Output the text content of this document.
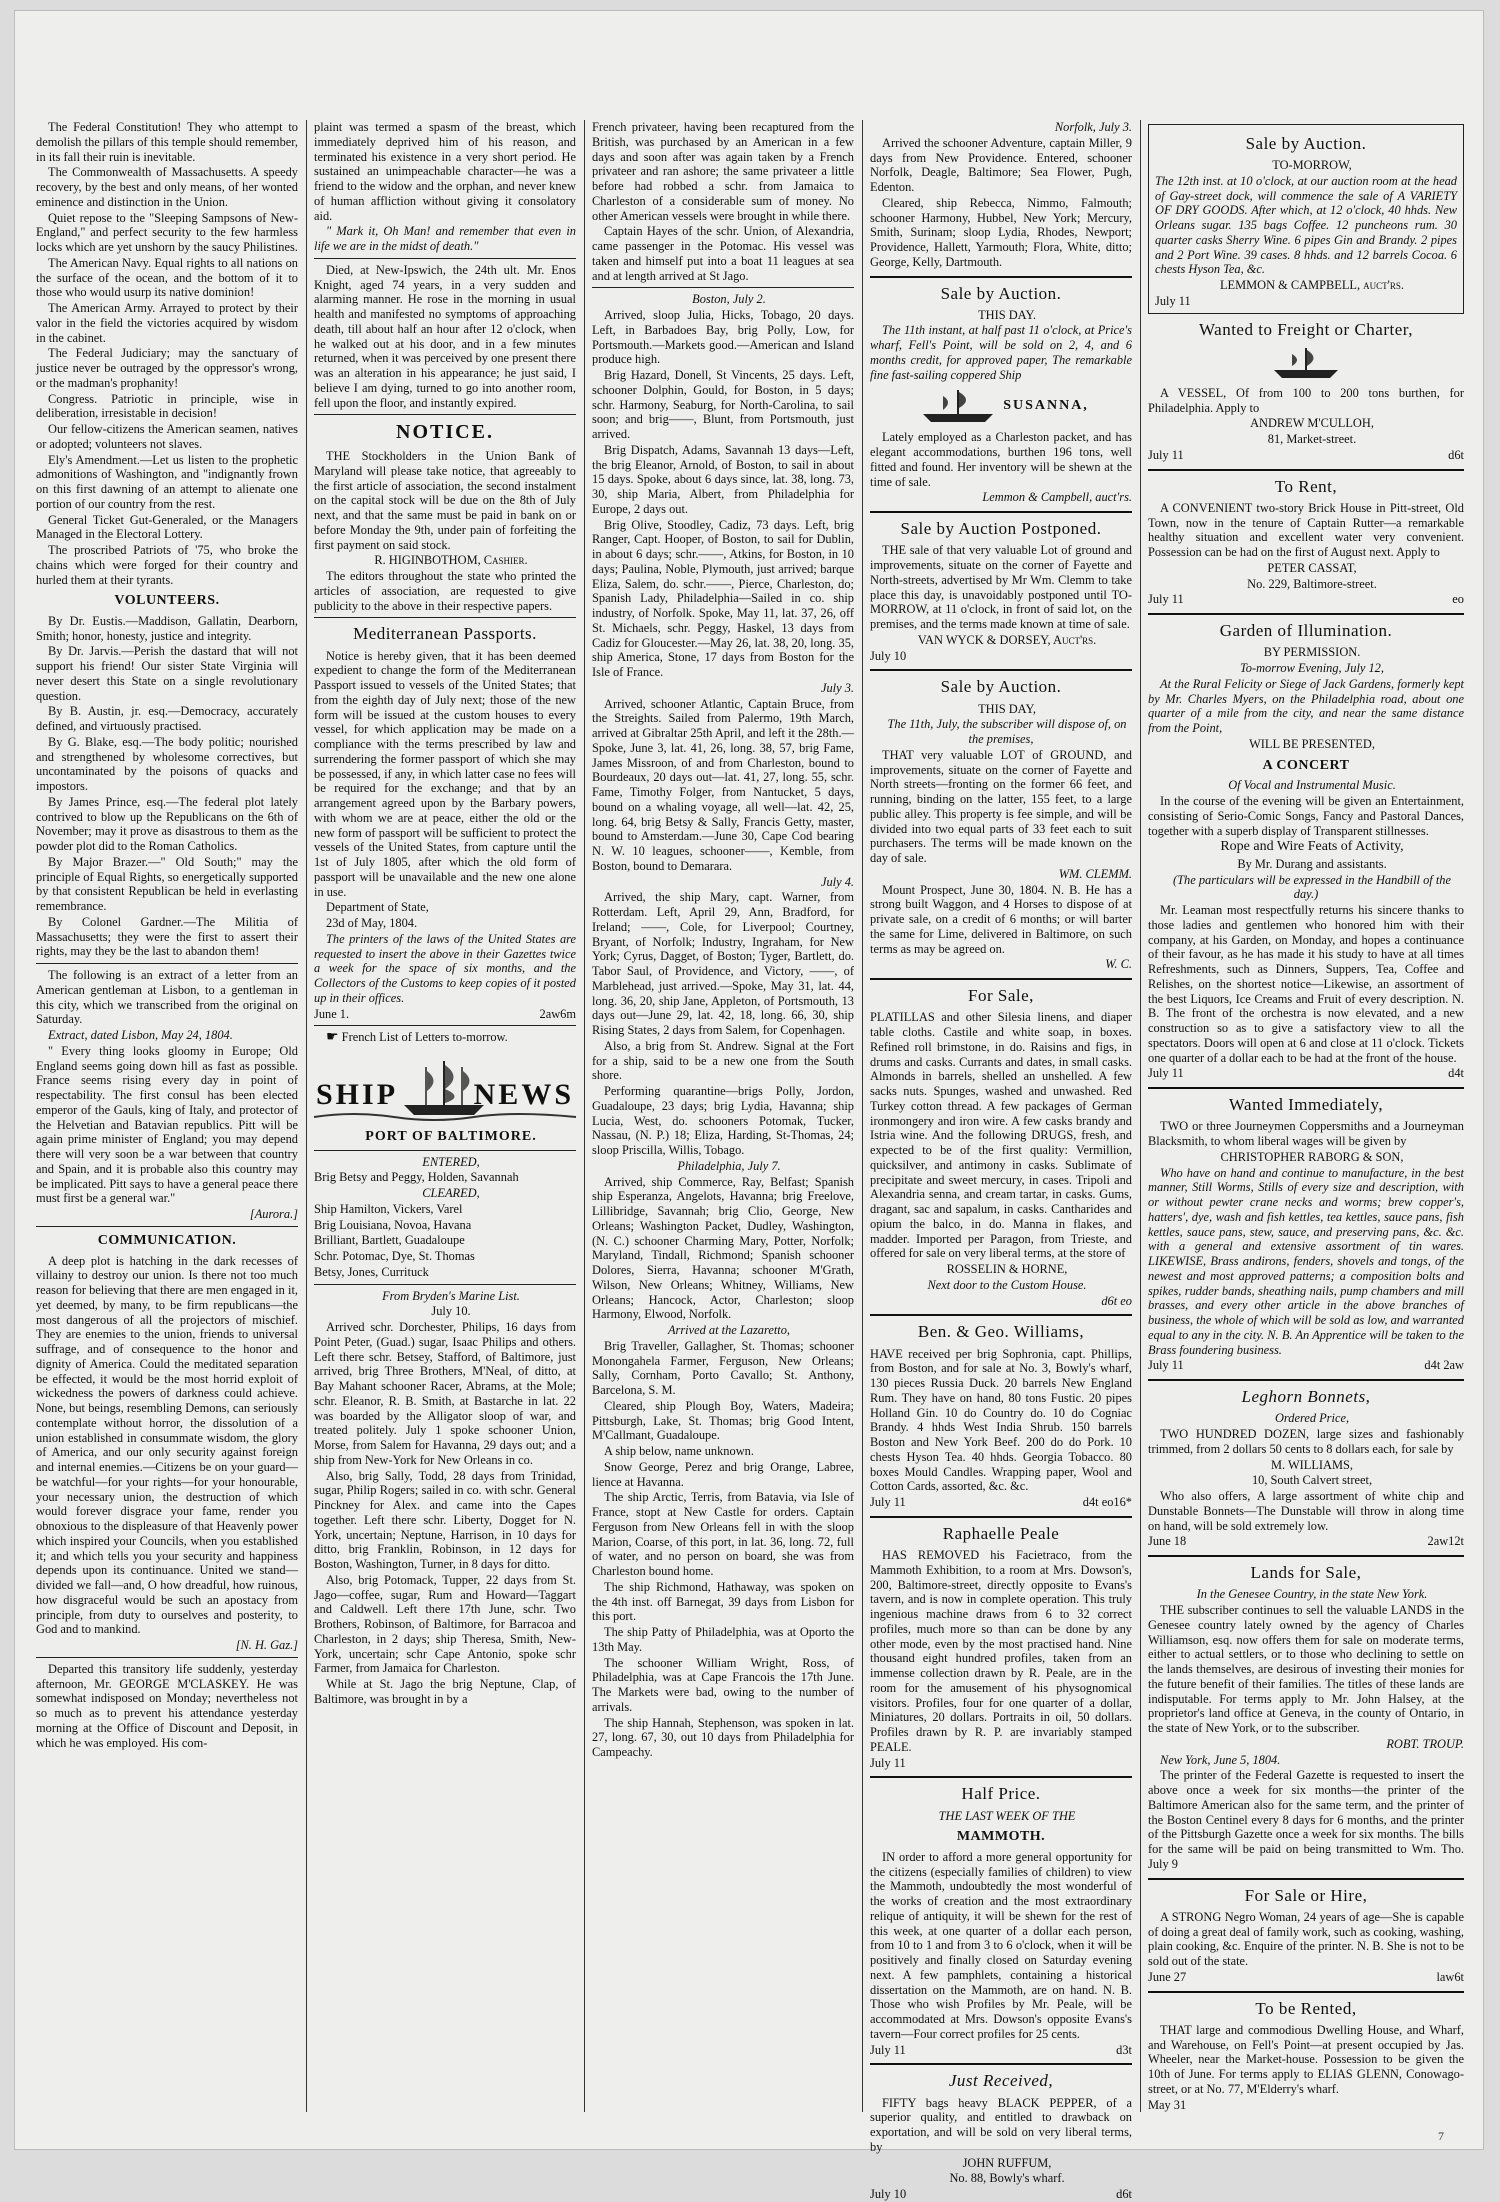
The Federal Constitution! They who attempt to demolish the pillars of this temple should remember, in its fall their ruin is inevitable.

The Commonwealth of Massachusetts. A speedy recovery, by the best and only means, of her wonted eminence and distinction in the Union.

Quiet repose to the "Sleeping Sampsons of New-England," and perfect security to the few harmless locks which are yet unshorn by the saucy Philistines.

The American Navy. Equal rights to all nations on the surface of the ocean, and the bottom of it to those who would usurp its native dominion!

The American Army. Arrayed to protect by their valor in the field the victories acquired by wisdom in the cabinet.

The Federal Judiciary; may the sanctuary of justice never be outraged by the oppressor's wrong, or the madman's prophanity!

Congress. Patriotic in principle, wise in deliberation, irresistable in decision!

Our fellow-citizens the American seamen, natives or adopted; volunteers not slaves.

Ely's Amendment.—Let us listen to the prophetic admonitions of Washington, and "indignantly frown on this first dawning of an attempt to alienate one portion of our country from the rest.

General Ticket Gut-Generaled, or the Managers Managed in the Electoral Lottery.

The proscribed Patriots of '75, who broke the chains which were forged for their country and hurled them at their tyrants.

VOLUNTEERS.

By Dr. Eustis.—Maddison, Gallatin, Dearborn, Smith; honor, honesty, justice and integrity.

By Dr. Jarvis.—Perish the dastard that will not support his friend! Our sister State Virginia will never desert this State on a single revolutionary question.

By B. Austin, jr. esq.—Democracy, accurately defined, and virtuously practised.

By G. Blake, esq.—The body politic; nourished and strengthened by wholesome correctives, but uncontaminated by the poisons of quacks and impostors.

By James Prince, esq.—The federal plot lately contrived to blow up the Republicans on the 6th of November; may it prove as disastrous to them as the powder plot did to the Roman Catholics.

By Major Brazer.—" Old South;" may the principle of Equal Rights, so energetically supported by that consistent Republican be held in everlasting remembrance.

By Colonel Gardner.—The Militia of Massachusetts; they were the first to assert their rights, may they be the last to abandon them!

The following is an extract of a letter from an American gentleman at Lisbon, to a gentleman in this city, which we transcribed from the original on Saturday.

Extract, dated Lisbon, May 24, 1804.

" Every thing looks gloomy in Europe; Old England seems going down hill as fast as possible. France seems rising every day in point of respectability. The first consul has been elected emperor of the Gauls, king of Italy, and protector of the Helvetian and Batavian republics. Pitt will be again prime minister of England; you may depend there will very soon be a war between that country and Spain, and it is probable also this country may be implicated. Pitt says to have a general peace there must first be a general war."

[Aurora.]

COMMUNICATION.

A deep plot is hatching in the dark recesses of villainy to destroy our union. Is there not too much reason for believing that there are men engaged in it, yet deemed, by many, to be firm republicans—the most dangerous of all the projectors of mischief. They are enemies to the union, friends to universal suffrage, and of consequence to the honor and dignity of America. Could the meditated separation be effected, it would be the most horrid exploit of wickedness the powers of darkness could achieve. None, but beings, resembling Demons, can seriously contemplate without horror, the dissolution of a union established in consummate wisdom, the glory of America, and our only security against foreign and internal enemies.—Citizens be on your guard—be watchful—for your rights—for your honourable, your necessary union, the destruction of which would forever disgrace your fame, render you obnoxious to the displeasure of that Heavenly power which inspired your Councils, when you established it; and which tells you your security and happiness depends upon its continuance. United we stand—divided we fall—and, O how dreadful, how ruinous, how disgraceful would be such an apostacy from principle, from duty to ourselves and posterity, to God and to mankind.

[N. H. Gaz.]

Departed this transitory life suddenly, yesterday afternoon, Mr. GEORGE M'CLASKEY. He was somewhat indisposed on Monday; nevertheless not so much as to prevent his attendance yesterday morning at the Office of Discount and Deposit, in which he was employed. His com-

plaint was termed a spasm of the breast, which immediately deprived him of his reason, and terminated his existence in a very short period. He sustained an unimpeachable character—he was a friend to the widow and the orphan, and never knew of human affliction without giving it consolatory aid.

" Mark it, Oh Man! and remember that even in life we are in the midst of death."

Died, at New-Ipswich, the 24th ult. Mr. Enos Knight, aged 74 years, in a very sudden and alarming manner. He rose in the morning in usual health and manifested no symptoms of approaching death, till about half an hour after 12 o'clock, when he walked out at his door, and in a few minutes returned, when it was perceived by one present there was an alteration in his appearance; he just said, I believe I am dying, turned to go into another room, fell upon the floor, and instantly expired.

NOTICE.

THE Stockholders in the Union Bank of Maryland will please take notice, that agreeably to the first article of association, the second instalment on the capital stock will be due on the 8th of July next, and that the same must be paid in bank on or before Monday the 9th, under pain of forfeiting the first payment on said stock.

R. HIGINBOTHOM, Cashier.

The editors throughout the state who printed the articles of association, are requested to give publicity to the above in their respective papers.

Mediterranean Passports.

Notice is hereby given, that it has been deemed expedient to change the form of the Mediterranean Passport issued to vessels of the United States; that from the eighth day of July next; those of the new form will be issued at the custom houses to every vessel, for which application may be made on a compliance with the terms prescribed by law and surrendering the former passport of which she may be possessed, if any, in which latter case no fees will be required for the exchange; and that by an arrangement agreed upon by the Barbary powers, with whom we are at peace, either the old or the new form of passport will be sufficient to protect the vessels of the United States, from capture until the 1st of July 1805, after which the old form of passport will be unavailable and the new one alone in use.

Department of State,

23d of May, 1804.

The printers of the laws of the United States are requested to insert the above in their Gazettes twice a week for the space of six months, and the Collectors of the Customs to keep copies of it posted up in their offices.

June 1.	2aw6m

☛ French List of Letters to-morrow.

SHIP	NEWS

PORT OF BALTIMORE.

ENTERED,

Brig Betsy and Peggy, Holden, Savannah

CLEARED,

Ship Hamilton, Vickers, Varel

Brig Louisiana, Novoa, Havana

Brilliant, Bartlett, Guadaloupe

Schr. Potomac, Dye, St. Thomas

Betsy, Jones, Currituck

From Bryden's Marine List.

July 10.

Arrived schr. Dorchester, Philips, 16 days from Point Peter, (Guad.) sugar, Isaac Philips and others. Left there schr. Betsey, Stafford, of Baltimore, just arrived, brig Three Brothers, M'Neal, of ditto, at Bay Mahant schooner Racer, Abrams, at the Mole; schr. Eleanor, R. B. Smith, at Bastarche in lat. 22 was boarded by the Alligator sloop of war, and treated politely. July 1 spoke schooner Union, Morse, from Salem for Havanna, 29 days out; and a ship from New-York for New Orleans in co.

Also, brig Sally, Todd, 28 days from Trinidad, sugar, Philip Rogers; sailed in co. with schr. General Pinckney for Alex. and came into the Capes together. Left there schr. Liberty, Dogget for N. York, uncertain; Neptune, Harrison, in 10 days for ditto, brig Franklin, Robinson, in 12 days for Boston, Washington, Turner, in 8 days for ditto.

Also, brig Potomack, Tupper, 22 days from St. Jago—coffee, sugar, Rum and Howard—Taggart and Caldwell. Left there 17th June, schr. Two Brothers, Robinson, of Baltimore, for Barracoa and Charleston, in 2 days; ship Theresa, Smith, New-York, uncertain; schr Cape Antonio, spoke schr Farmer, from Jamaica for Charleston.

While at St. Jago the brig Neptune, Clap, of Baltimore, was brought in by a

French privateer, having been recaptured from the British, was purchased by an American in a few days and soon after was again taken by a French privateer and ran ashore; the same privateer a little before had robbed a schr. from Jamaica to Charleston of a considerable sum of money. No other American vessels were brought in while there.

Captain Hayes of the schr. Union, of Alexandria, came passenger in the Potomac. His vessel was taken and himself put into a boat 11 leagues at sea and at length arrived at St Jago.

Boston, July 2.

Arrived, sloop Julia, Hicks, Tobago, 20 days. Left, in Barbadoes Bay, brig Polly, Low, for Portsmouth.—Markets good.—American and Island produce high.

Brig Hazard, Donell, St Vincents, 25 days. Left, schooner Dolphin, Gould, for Boston, in 5 days; schr. Harmony, Seaburg, for North-Carolina, to sail soon; and brig——, Blunt, from Portsmouth, just arrived.

Brig Dispatch, Adams, Savannah 13 days—Left, the brig Eleanor, Arnold, of Boston, to sail in about 15 days. Spoke, about 6 days since, lat. 38, long. 73, 30, ship Maria, Albert, from Philadelphia for Europe, 2 days out.

Brig Olive, Stoodley, Cadiz, 73 days. Left, brig Ranger, Capt. Hooper, of Boston, to sail for Dublin, in about 6 days; schr.——, Atkins, for Boston, in 10 days; Paulina, Noble, Plymouth, just arrived; barque Eliza, Salem, do. schr.——, Pierce, Charleston, do; Spanish Lady, Philadelphia—Sailed in co. ship industry, of Norfolk. Spoke, May 11, lat. 37, 26, off St. Michaels, schr. Peggy, Haskel, 13 days from Cadiz for Gloucester.—May 26, lat. 38, 20, long. 35, ship America, Stone, 17 days from Boston for the Isle of France.

July 3.

Arrived, schooner Atlantic, Captain Bruce, from the Streights. Sailed from Palermo, 19th March, arrived at Gibraltar 25th April, and left it the 28th.—Spoke, June 3, lat. 41, 26, long. 38, 57, brig Fame, James Missroon, of and from Charleston, bound to Bourdeaux, 20 days out—lat. 41, 27, long. 55, schr. Fame, Timothy Folger, from Nantucket, 5 days, bound on a whaling voyage, all well—lat. 42, 25, long. 64, brig Betsy & Sally, Francis Getty, master, bound to Amsterdam.—June 30, Cape Cod bearing N. W. 10 leagues, schooner——, Kemble, from Boston, bound to Demarara.

July 4.

Arrived, the ship Mary, capt. Warner, from Rotterdam. Left, April 29, Ann, Bradford, for Ireland; ——, Cole, for Liverpool; Courtney, Bryant, of Norfolk; Industry, Ingraham, for New York; Cyrus, Dagget, of Boston; Tyger, Bartlett, do. Tabor Saul, of Providence, and Victory, ——, of Marblehead, just arrived.—Spoke, May 31, lat. 44, long. 36, 20, ship Jane, Appleton, of Portsmouth, 13 days out—June 29, lat. 42, 18, long. 66, 30, ship Rising States, 2 days from Salem, for Copenhagen.

Also, a brig from St. Andrew. Signal at the Fort for a ship, said to be a new one from the South shore.

Performing quarantine—brigs Polly, Jordon, Guadaloupe, 23 days; brig Lydia, Havanna; ship Lucia, West, do. schooners Potomak, Tucker, Nassau, (N. P.) 18; Eliza, Harding, St-Thomas, 24; sloop Priscilla, Willis, Tobago.

Philadelphia, July 7.

Arrived, ship Commerce, Ray, Belfast; Spanish ship Esperanza, Angelots, Havanna; brig Freelove, Lillibridge, Savannah; brig Clio, George, New Orleans; Washington Packet, Dudley, Washington, (N. C.) schooner Charming Mary, Potter, Norfolk; Maryland, Tindall, Richmond; Spanish schooner Dolores, Sierra, Havanna; schooner M'Grath, Wilson, New Orleans; Whitney, Williams, New Orleans; Hancock, Actor, Charleston; sloop Harmony, Elwood, Norfolk.

Arrived at the Lazaretto,

Brig Traveller, Gallagher, St. Thomas; schooner Monongahela Farmer, Ferguson, New Orleans; Sally, Cornham, Porto Cavallo; St. Anthony, Barcelona, S. M.

Cleared, ship Plough Boy, Waters, Madeira; Pittsburgh, Lake, St. Thomas; brig Good Intent, M'Callmant, Guadaloupe.

A ship below, name unknown.

Snow George, Perez and brig Orange, Labree, lience at Havanna.

The ship Arctic, Terris, from Batavia, via Isle of France, stopt at New Castle for orders. Captain Ferguson from New Orleans fell in with the sloop Marion, Coarse, of this port, in lat. 36, long. 72, full of water, and no person on board, she was from Charleston bound home.

The ship Richmond, Hathaway, was spoken on the 4th inst. off Barnegat, 39 days from Lisbon for this port.

The ship Patty of Philadelphia, was at Oporto the 13th May.

The schooner William Wright, Ross, of Philadelphia, was at Cape Francois the 17th June. The Markets were bad, owing to the number of arrivals.

The ship Hannah, Stephenson, was spoken in lat. 27, long. 67, 30, out 10 days from Philadelphia for Campeachy.

Norfolk, July 3.

Arrived the schooner Adventure, captain Miller, 9 days from New Providence. Entered, schooner Norfolk, Deagle, Baltimore; Sea Flower, Pugh, Edenton.

Cleared, ship Rebecca, Nimmo, Falmouth; schooner Harmony, Hubbel, New York; Mercury, Smith, Surinam; sloop Lydia, Rhodes, Newport; Providence, Hallett, Yarmouth; Flora, White, ditto; George, Kelly, Dartmouth.

Sale by Auction.

THIS DAY.

The 11th instant, at half past 11 o'clock, at Price's wharf, Fell's Point, will be sold on 2, 4, and 6 months credit, for approved paper, The remarkable fine fast-sailing coppered Ship

SUSANNA,

Lately employed as a Charleston packet, and has elegant accommodations, burthen 196 tons, well fitted and found. Her inventory will be shewn at the time of sale.

Lemmon & Campbell, auct'rs.

Sale by Auction Postponed.

THE sale of that very valuable Lot of ground and improvements, situate on the corner of Fayette and North-streets, advertised by Mr Wm. Clemm to take place this day, is unavoidably postponed until TO-MORROW, at 11 o'clock, in front of said lot, on the premises, and the terms made known at time of sale.

VAN WYCK & DORSEY, Auct'rs.

July 10

Sale by Auction.

THIS DAY,

The 11th, July, the subscriber will dispose of, on the premises,

THAT very valuable LOT of GROUND, and improvements, situate on the corner of Fayette and North streets—fronting on the former 66 feet, and running, binding on the latter, 155 feet, to a large public alley. This property is fee simple, and will be divided into two equal parts of 33 feet each to suit purchasers. The terms will be made known on the day of sale.

WM. CLEMM.

Mount Prospect, June 30, 1804. N. B. He has a strong built Waggon, and 4 Horses to dispose of at private sale, on a credit of 6 months; or will barter the same for Lime, delivered in Baltimore, on such terms as may be agreed on.

W. C.

For Sale,

PLATILLAS and other Silesia linens, and diaper table cloths. Castile and white soap, in boxes. Refined roll brimstone, in do. Raisins and figs, in drums and casks. Currants and dates, in small casks. Almonds in barrels, shelled an unshelled. A few sacks nuts. Spunges, washed and unwashed. Red Turkey cotton thread. A few packages of German ironmongery and iron wire. A few casks brandy and Istria wine. And the following DRUGS, fresh, and expected to be of the first quality: Vermillion, quicksilver, and antimony in casks. Sublimate of precipitate and sweet mercury, in cases. Tripoli and Alexandria senna, and cream tartar, in casks. Gums, dragant, sac and sapalum, in casks. Cantharides and opium the balco, in do. Manna in flakes, and madder. Imported per Paragon, from Trieste, and offered for sale on very liberal terms, at the store of

ROSSELIN & HORNE,

Next door to the Custom House.

d6t eo

Ben. & Geo. Williams,

HAVE received per brig Sophronia, capt. Phillips, from Boston, and for sale at No. 3, Bowly's wharf, 130 pieces Russia Duck. 20 barrels New England Rum. They have on hand, 80 tons Fustic. 20 pipes Holland Gin. 10 do Country do. 10 do Cogniac Brandy. 4 hhds West India Shrub. 150 barrels Boston and New York Beef. 200 do do Pork. 10 chests Hyson Tea. 40 hhds. Georgia Tobacco. 80 boxes Mould Candles. Wrapping paper, Wool and Cotton Cards, assorted, &c. &c.

July 11	d4t eo16*

Raphaelle Peale

HAS REMOVED his Facietraco, from the Mammoth Exhibition, to a room at Mrs. Dowson's, 200, Baltimore-street, directly opposite to Evans's tavern, and is now in complete operation. This truly ingenious machine draws from 6 to 32 correct profiles, much more so than can be done by any other mode, even by the most practised hand. Nine thousand eight hundred profiles, taken from an immense collection drawn by R. Peale, are in the room for the amusement of his physognomical visitors. Profiles, four for one quarter of a dollar, Miniatures, 20 dollars. Portraits in oil, 50 dollars. Profiles drawn by R. P. are invariably stamped PEALE.

July 11

Half Price.

THE LAST WEEK OF THE

MAMMOTH.

IN order to afford a more general opportunity for the citizens (especially families of children) to view the Mammoth, undoubtedly the most wonderful of the works of creation and the most extraordinary relique of antiquity, it will be shewn for the rest of this week, at one quarter of a dollar each person, from 10 to 1 and from 3 to 6 o'clock, when it will be positively and finally closed on Saturday evening next. A few pamphlets, containing a historical dissertation on the Mammoth, are on hand. N. B. Those who wish Profiles by Mr. Peale, will be accommodated at Mrs. Dowson's opposite Evans's tavern—Four correct profiles for 25 cents.

July 11	d3t

Just Received,

FIFTY bags heavy BLACK PEPPER, of a superior quality, and entitled to drawback on exportation, and will be sold on very liberal terms, by

JOHN RUFFUM,

No. 88, Bowly's wharf.

July 10	d6t

Sale by Auction.

TO-MORROW,

The 12th inst. at 10 o'clock, at our auction room at the head of Gay-street dock, will commence the sale of A VARIETY OF DRY GOODS. After which, at 12 o'clock, 40 hhds. New Orleans sugar. 135 bags Coffee. 12 puncheons rum. 30 quarter casks Sherry Wine. 6 pipes Gin and Brandy. 2 pipes and 2 Port Wine. 39 cases. 8 hhds. and 12 barrels Cocoa. 6 chests Hyson Tea, &c.

LEMMON & CAMPBELL, auct'rs.

July 11

Wanted to Freight or Charter,

A VESSEL, Of from 100 to 200 tons burthen, for Philadelphia. Apply to

ANDREW M'CULLOH,

81, Market-street.

July 11	d6t

To Rent,

A CONVENIENT two-story Brick House in Pitt-street, Old Town, now in the tenure of Captain Rutter—a remarkable healthy situation and excellent water very convenient. Possession can be had on the first of August next. Apply to

PETER CASSAT,

No. 229, Baltimore-street.

July 11	eo

Garden of Illumination.

BY PERMISSION.

To-morrow Evening, July 12,

At the Rural Felicity or Siege of Jack Gardens, formerly kept by Mr. Charles Myers, on the Philadelphia road, about one quarter of a mile from the city, and near the same distance from the Point,

WILL BE PRESENTED,

A CONCERT

Of Vocal and Instrumental Music.

In the course of the evening will be given an Entertainment, consisting of Serio-Comic Songs, Fancy and Pastoral Dances, together with a superb display of Transparent stillnesses.

Rope and Wire Feats of Activity,

By Mr. Durang and assistants.

(The particulars will be expressed in the Handbill of the day.)

Mr. Leaman most respectfully returns his sincere thanks to those ladies and gentlemen who honored him with their company, at his Garden, on Monday, and hopes a continuance of their favour, as he has made it his study to have at all times Refreshments, such as Dinners, Suppers, Tea, Coffee and Relishes, on the shortest notice—Likewise, an assortment of the best Liquors, Ice Creams and Fruit of every description. N. B. The front of the orchestra is now elevated, and a new construction so as to give a satisfactory view to all the spectators. Doors will open at 6 and close at 11 o'clock. Tickets one quarter of a dollar each to be had at the front of the house.

July 11	d4t

Wanted Immediately,

TWO or three Journeymen Coppersmiths and a Journeyman Blacksmith, to whom liberal wages will be given by

CHRISTOPHER RABORG & SON,

Who have on hand and continue to manufacture, in the best manner, Still Worms, Stills of every size and description, with or without pewter crane necks and worms; brew copper's, hatters', dye, wash and fish kettles, tea kettles, sauce pans, fish kettles, sauce pans, stew, sauce, and preserving pans, &c. &c. with a general and extensive assortment of tin wares. LIKEWISE, Brass andirons, fenders, shovels and tongs, of the newest and most approved patterns; a composition bolts and spikes, rudder bands, sheathing nails, pump chambers and mill brasses, and every other article in the above branches of business, the whole of which will be sold as low, and warranted equal to any in the city. N. B. An Apprentice will be taken to the Brass foundering business.

July 11	d4t 2aw

Leghorn Bonnets,

Ordered Price,

TWO HUNDRED DOZEN, large sizes and fashionably trimmed, from 2 dollars 50 cents to 8 dollars each, for sale by

M. WILLIAMS,

10, South Calvert street,

Who also offers, A large assortment of white chip and Dunstable Bonnets—The Dunstable will throw in along time on hand, will be sold extremely low.

June 18	2aw12t

Lands for Sale,

In the Genesee Country, in the state New York.

THE subscriber continues to sell the valuable LANDS in the Genesee country lately owned by the agency of Charles Williamson, esq. now offers them for sale on moderate terms, either to actual settlers, or to those who declining to settle on the lands themselves, are desirous of investing their monies for the future benefit of their families. The titles of these lands are indisputable. For terms apply to Mr. John Halsey, at the proprietor's land office at Geneva, in the county of Ontario, in the state of New York, or to the subscriber.

ROBT. TROUP.

New York, June 5, 1804.

The printer of the Federal Gazette is requested to insert the above once a week for six months—the printer of the Baltimore American also for the same term, and the printer of the Boston Centinel every 8 days for 6 months, and the printer of the Pittsburgh Gazette once a week for six months. The bills for the same will be paid on being transmitted to Wm. Tho. July 9

For Sale or Hire,

A STRONG Negro Woman, 24 years of age—She is capable of doing a great deal of family work, such as cooking, washing, plain cooking, &c. Enquire of the printer. N. B. She is not to be sold out of the state.

June 27	law6t

To be Rented,

THAT large and commodious Dwelling House, and Wharf, and Warehouse, on Fell's Point—at present occupied by Jas. Wheeler, near the Market-house. Possession to be given the 10th of June. For terms apply to ELIAS GLENN, Conowago-street, or at No. 77, M'Elderry's wharf.

May 31

7
